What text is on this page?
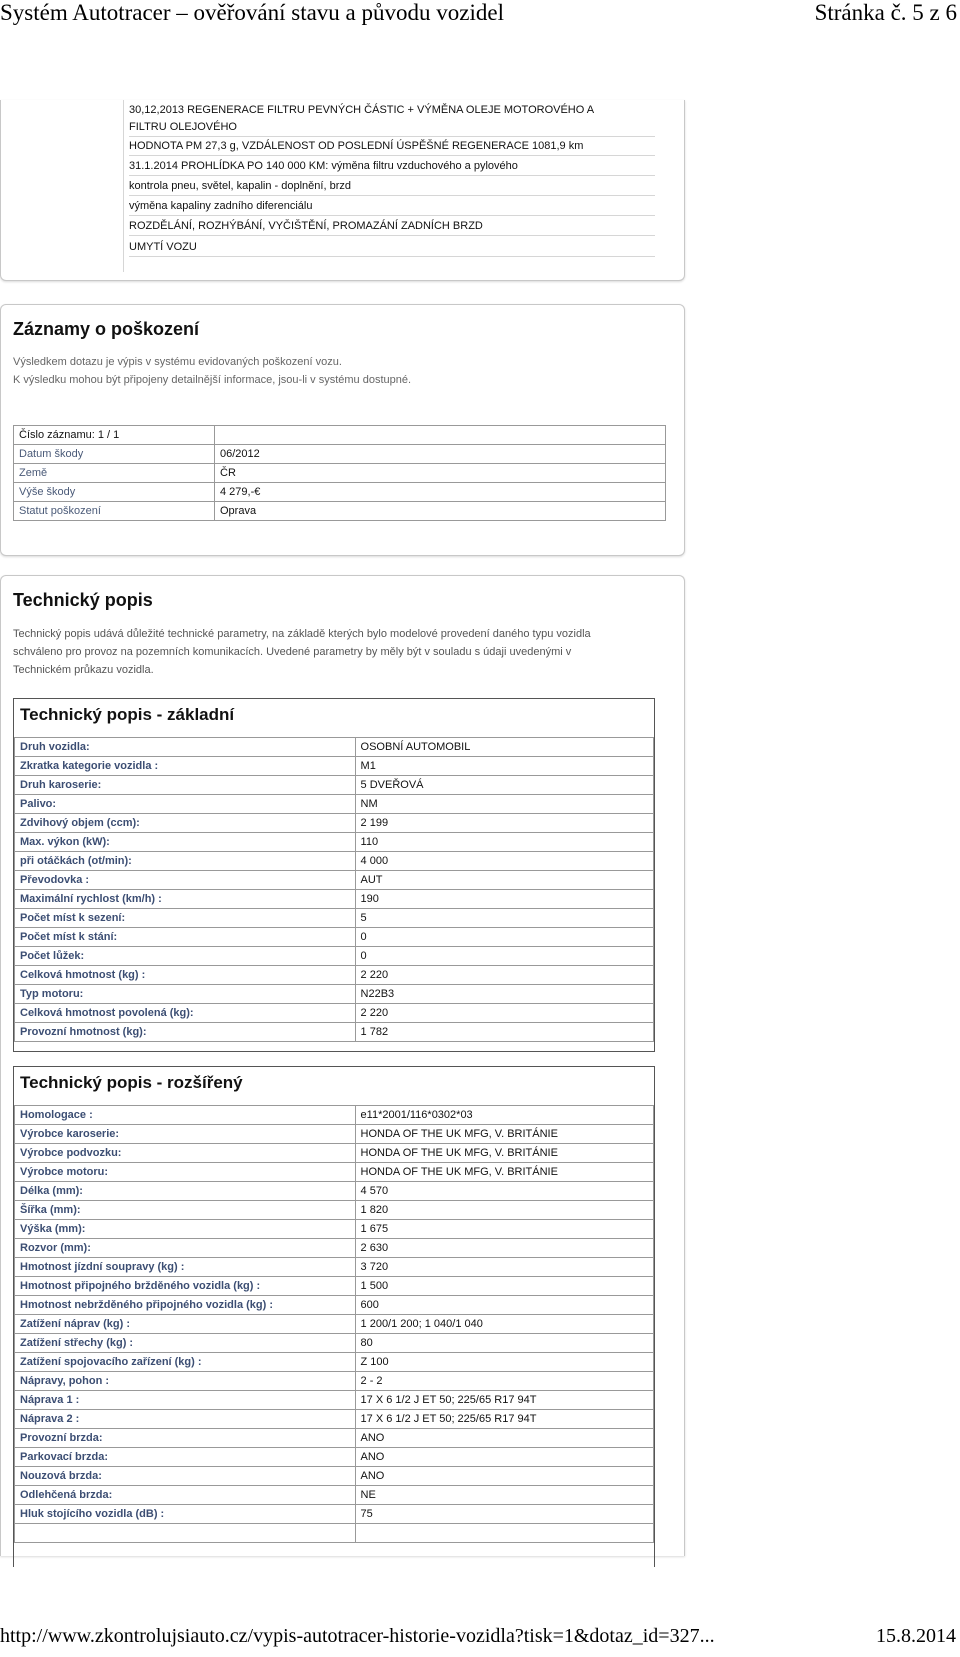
Systém Autotracer – ověřování stavu a původu vozidel	Stránka č. 5 z 6
30,12,2013 REGENERACE FILTRU PEVNÝCH ČÁSTIC + VÝMĚNA OLEJE MOTOROVÉHO A
FILTRU OLEJOVÉHO
HODNOTA PM 27,3 g, VZDÁLENOST OD POSLEDNÍ ÚSPĚŠNÉ REGENERACE 1081,9 km
31.1.2014 PROHLÍDKA PO 140 000 KM: výměna filtru vzduchového a pylového
kontrola pneu, světel, kapalin - doplnění, brzd
výměna kapaliny zadního diferenciálu
ROZDĚLÁNÍ, ROZHÝBÁNÍ, VYČIŠTĚNÍ, PROMAZÁNÍ ZADNÍCH BRZD
UMYTÍ VOZU
Záznamy o poškození
Výsledkem dotazu je výpis v systému evidovaných poškození vozu.
K výsledku mohou být připojeny detailnější informace, jsou-li v systému dostupné.
Číslo záznamu: 1 / 1	
Datum škody	06/2012
Země	ČR
Výše škody	4 279,-€
Statut poškození	Oprava
Technický popis
Technický popis udává důležité technické parametry, na základě kterých bylo modelové provedení daného typu vozidla
schváleno pro provoz na pozemních komunikacích. Uvedené parametry by měly být v souladu s údaji uvedenými v
Technickém průkazu vozidla.
Technický popis - základní
Druh vozidla:	OSOBNÍ AUTOMOBIL
Zkratka kategorie vozidla :	M1
Druh karoserie:	5 DVEŘOVÁ
Palivo:	NM
Zdvihový objem (ccm):	2 199
Max. výkon (kW):	110
při otáčkách (ot/min):	4 000
Převodovka :	AUT
Maximální rychlost (km/h) :	190
Počet míst k sezení:	5
Počet míst k stání:	0
Počet lůžek:	0
Celková hmotnost (kg) :	2 220
Typ motoru:	N22B3
Celková hmotnost povolená (kg):	2 220
Provozní hmotnost (kg):	1 782
Technický popis - rozšířený
Homologace :	e11*2001/116*0302*03
Výrobce karoserie:	HONDA OF THE UK MFG, V. BRITÁNIE
Výrobce podvozku:	HONDA OF THE UK MFG, V. BRITÁNIE
Výrobce motoru:	HONDA OF THE UK MFG, V. BRITÁNIE
Délka (mm):	4 570
Šířka (mm):	1 820
Výška (mm):	1 675
Rozvor (mm):	2 630
Hmotnost jízdní soupravy (kg) :	3 720
Hmotnost připojného bržděného vozidla (kg) :	1 500
Hmotnost nebržděného připojného vozidla (kg) :	600
Zatížení náprav (kg) :	1 200/1 200; 1 040/1 040
Zatížení střechy (kg) :	80
Zatížení spojovacího zařízení (kg) :	Z 100
Nápravy, pohon :	2 - 2
Náprava 1 :	17 X 6 1/2 J ET 50; 225/65 R17 94T
Náprava 2 :	17 X 6 1/2 J ET 50; 225/65 R17 94T
Provozní brzda:	ANO
Parkovací brzda:	ANO
Nouzová brzda:	ANO
Odlehčená brzda:	NE
Hluk stojícího vozidla (dB) :	75

http://www.zkontrolujsiauto.cz/vypis-autotracer-historie-vozidla?tisk=1&dotaz_id=327...	15.8.2014
